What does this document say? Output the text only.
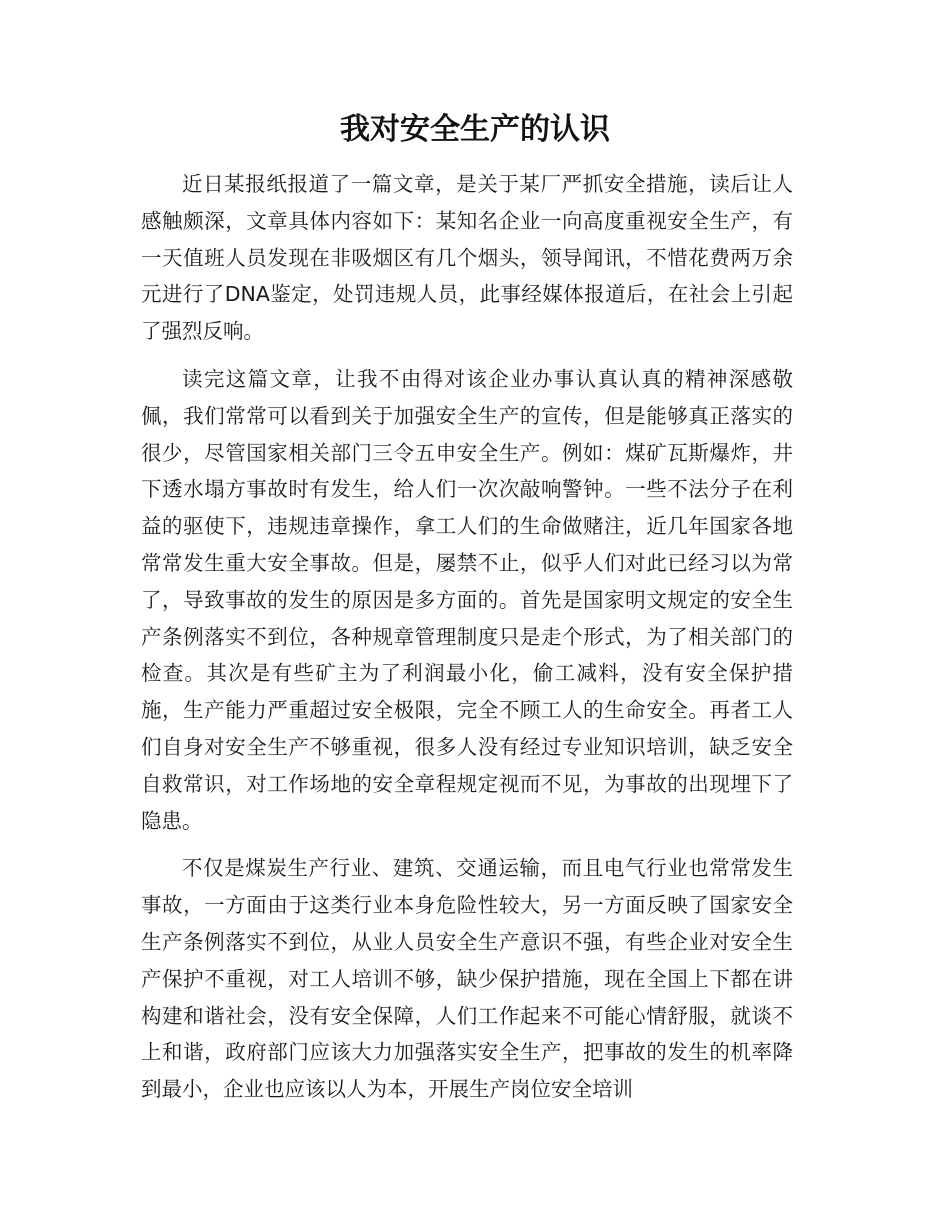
我对安全生产的认识

近日某报纸报道了一篇文章，是关于某厂严抓安全措施，读后让人感触颇深，文章具体内容如下：某知名企业一向高度重视安全生产，有一天值班人员发现在非吸烟区有几个烟头，领导闻讯，不惜花费两万余元进行了DNA鉴定，处罚违规人员，此事经媒体报道后，在社会上引起了强烈反响。

读完这篇文章，让我不由得对该企业办事认真认真的精神深感敬佩，我们常常可以看到关于加强安全生产的宣传，但是能够真正落实的很少，尽管国家相关部门三令五申安全生产。例如：煤矿瓦斯爆炸，井下透水塌方事故时有发生，给人们一次次敲响警钟。一些不法分子在利益的驱使下，违规违章操作，拿工人们的生命做赌注，近几年国家各地常常发生重大安全事故。但是，屡禁不止，似乎人们对此已经习以为常了，导致事故的发生的原因是多方面的。首先是国家明文规定的安全生产条例落实不到位，各种规章管理制度只是走个形式，为了相关部门的检查。其次是有些矿主为了利润最小化，偷工减料，没有安全保护措施，生产能力严重超过安全极限，完全不顾工人的生命安全。再者工人们自身对安全生产不够重视，很多人没有经过专业知识培训，缺乏安全自救常识，对工作场地的安全章程规定视而不见，为事故的出现埋下了隐患。

不仅是煤炭生产行业、建筑、交通运输，而且电气行业也常常发生事故，一方面由于这类行业本身危险性较大，另一方面反映了国家安全生产条例落实不到位，从业人员安全生产意识不强，有些企业对安全生产保护不重视，对工人培训不够，缺少保护措施，现在全国上下都在讲构建和谐社会，没有安全保障，人们工作起来不可能心情舒服，就谈不上和谐，政府部门应该大力加强落实安全生产，把事故的发生的机率降到最小，企业也应该以人为本，开展生产岗位安全培训
